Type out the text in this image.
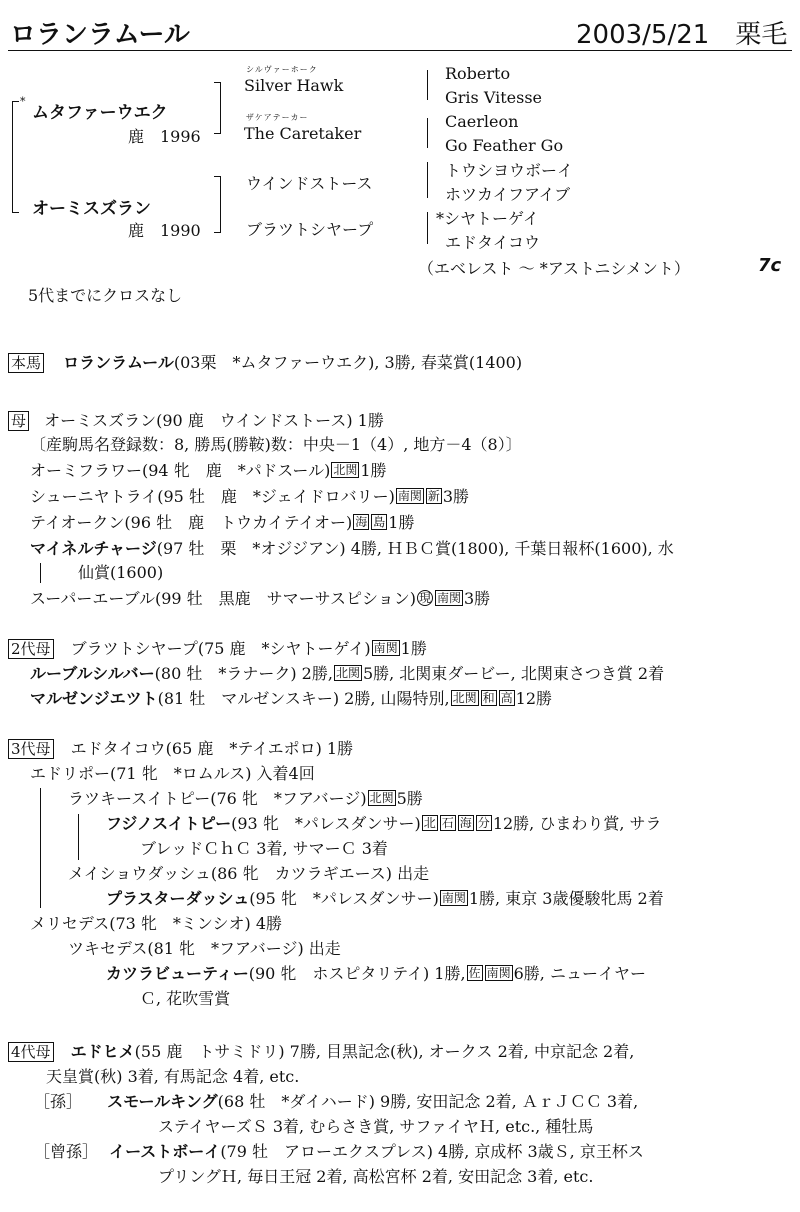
ロランラムール	2003/5/21　栗毛
*
ムタファーウエク
鹿　1996
オーミスズラン
鹿　1990
シルヴァーホーク
Silver Hawk
ザケアテーカー
The Caretaker
ウインドストース
ブラツトシヤープ
Roberto
Gris Vitesse
Caerleon
Go Feather Go
トウシヨウボーイ
ホツカイフアイブ
*シヤトーゲイ
エドタイコウ
（エベレスト ～ *アストニシメント）	7c
5代までにクロスなし
本馬 ロランラムール(03栗　*ムタファーウエク), 3勝, 春菜賞(1400)
母 オーミスズラン(90 鹿　ウインドストース) 1勝
〔産駒馬名登録数：8, 勝馬(勝鞍)数：中央－1（4）, 地方－4（8）〕
オーミフラワー(94 牝　鹿　*パドスール) 北関 1勝
シューニヤトライ(95 牡　鹿　*ジェイドロバリー) 南関 新 3勝
テイオークン(96 牡　鹿　トウカイテイオー) 海 島 1勝
マイネルチャージ(97 牡　栗　*オジジアン) 4勝, ＨＢＣ賞(1800), 千葉日報杯(1600), 水
仙賞(1600)
スーパーエーブル(99 牡　黒鹿　サマーサスピション) 現 南関 3勝
2代母 ブラツトシヤープ(75 鹿　*シヤトーゲイ) 南関 1勝
ルーブルシルバー(80 牡　*ラナーク) 2勝, 北関 5勝, 北関東ダービー, 北関東さつき賞 2着
マルゼンジエツト(81 牡　マルゼンスキー) 2勝, 山陽特別, 北関 和 高 12勝
3代母 エドタイコウ(65 鹿　*テイエポロ) 1勝
エドリポー(71 牝　*ロムルス) 入着4回
ラツキースイトピー(76 牝　*フアバージ) 北関 5勝
フジノスイトピー(93 牝　*パレスダンサー) 北 石 海 分 12勝, ひまわり賞, サラ
ブレッドＣｈＣ 3着, サマーＣ 3着
メイショウダッシュ(86 牝　カツラギエース) 出走
プラスターダッシュ(95 牝　*パレスダンサー) 南関 1勝, 東京 3歳優駿牝馬 2着
メリセデス(73 牝　*ミンシオ) 4勝
ツキセデス(81 牝　*フアバージ) 出走
カツラビューティー(90 牝　ホスピタリテイ) 1勝, 佐 南関 6勝, ニューイヤー
Ｃ, 花吹雪賞
4代母 エドヒメ(55 鹿　トサミドリ) 7勝, 目黒記念(秋), オークス 2着, 中京記念 2着,
天皇賞(秋) 3着, 有馬記念 4着, etc.
［孫］ スモールキング(68 牡　*ダイハード) 9勝, 安田記念 2着, ＡｒＪＣＣ 3着,
ステイヤーズＳ 3着, むらさき賞, サファイヤＨ, etc., 種牡馬
［曾孫］ イーストボーイ(79 牡　アローエクスプレス) 4勝, 京成杯 3歳Ｓ, 京王杯ス
プリングＨ, 毎日王冠 2着, 高松宮杯 2着, 安田記念 3着, etc.
